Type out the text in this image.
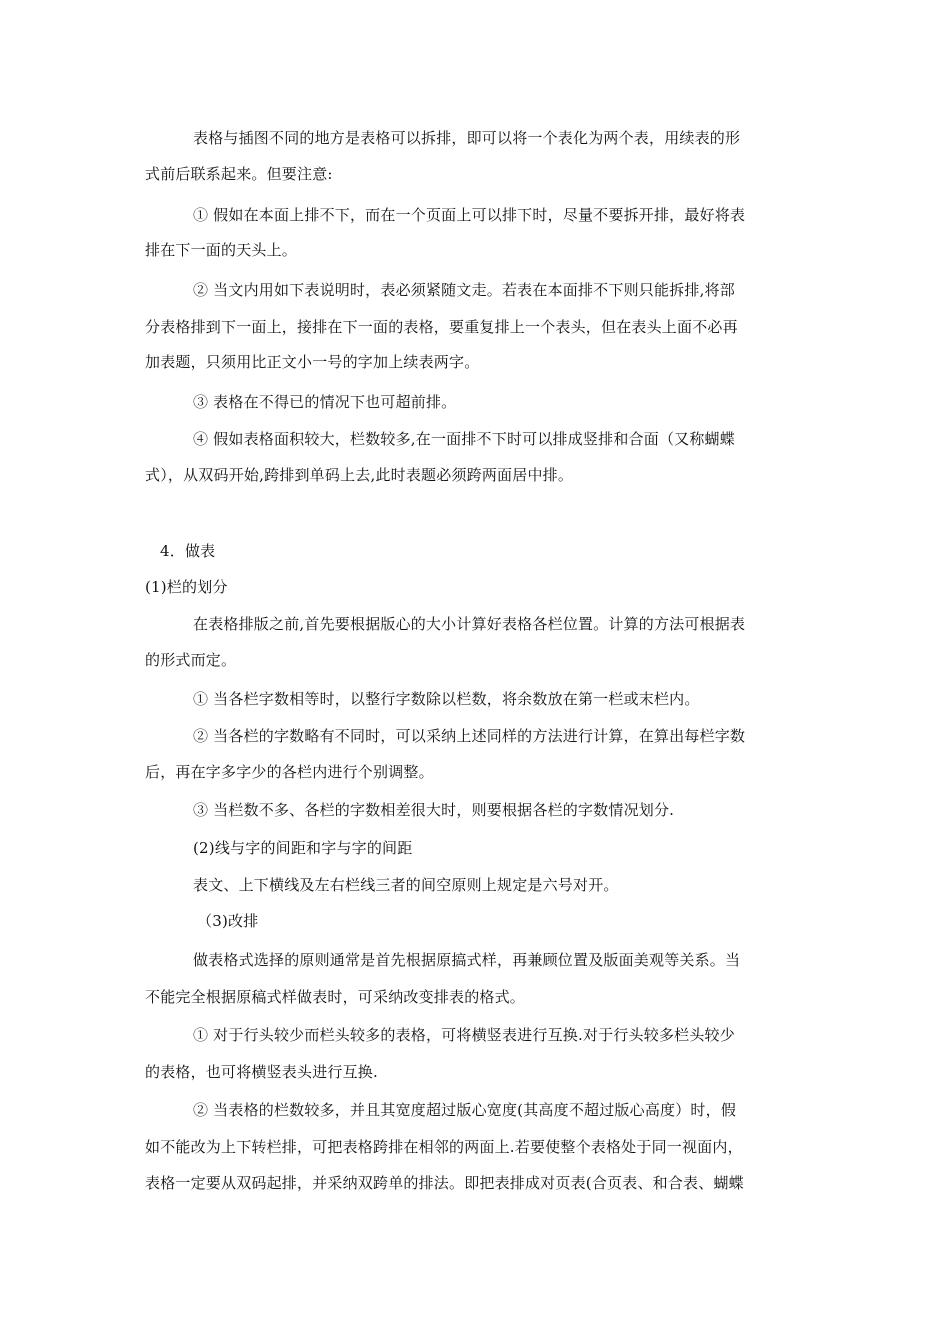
表格与插图不同的地方是表格可以拆排，即可以将一个表化为两个表，用续表的形
式前后联系起来。但要注意:
① 假如在本面上排不下，而在一个页面上可以排下时，尽量不要拆开排，最好将表
排在下一面的天头上。
② 当文内用如下表说明时，表必须紧随文走。若表在本面排不下则只能拆排,将部
分表格排到下一面上，接排在下一面的表格，要重复排上一个表头，但在表头上面不必再
加表题，只须用比正文小一号的字加上续表两字。
③ 表格在不得已的情况下也可超前排。
④ 假如表格面积较大，栏数较多,在一面排不下时可以排成竖排和合面（又称蝴蝶
式），从双码开始,跨排到单码上去,此时表题必须跨两面居中排。
4．做表
(1)栏的划分
在表格排版之前,首先要根据版心的大小计算好表格各栏位置。计算的方法可根据表
的形式而定。
① 当各栏字数相等时，以整行字数除以栏数，将余数放在第一栏或末栏内。
② 当各栏的字数略有不同时，可以采纳上述同样的方法进行计算，在算出每栏字数
后，再在字多字少的各栏内进行个别调整。
③ 当栏数不多、各栏的字数相差很大时，则要根据各栏的字数情况划分.
(2)线与字的间距和字与字的间距
表文、上下横线及左右栏线三者的间空原则上规定是六号对开。
（3)改排
做表格式选择的原则通常是首先根据原搞式样，再兼顾位置及版面美观等关系。当
不能完全根据原稿式样做表时，可采纳改变排表的格式。
① 对于行头较少而栏头较多的表格，可将横竖表进行互换.对于行头较多栏头较少
的表格，也可将横竖表头进行互换.
② 当表格的栏数较多，并且其宽度超过版心宽度(其高度不超过版心高度）时，假
如不能改为上下转栏排，可把表格跨排在相邻的两面上.若要使整个表格处于同一视面内，
表格一定要从双码起排，并采纳双跨单的排法。即把表排成对页表(合页表、和合表、蝴蝶
